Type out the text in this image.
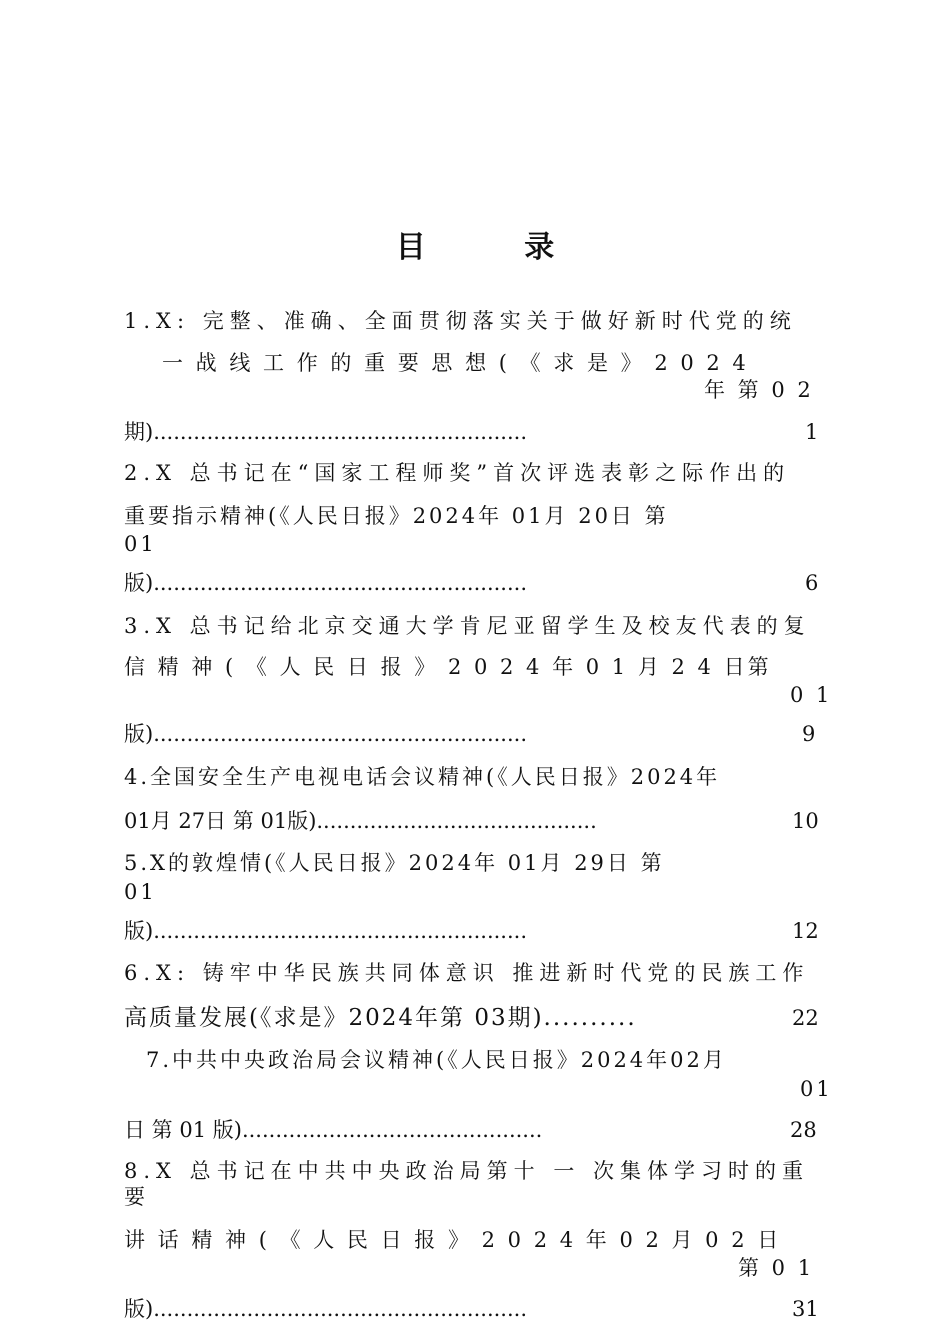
目 录
1.X: 完整、准确、全面贯彻落实关于做好新时代党的统
一 战 线 工 作 的 重 要 思 想 ( 《 求 是 》 2 0 2 4
年 第 0 2
期)........................................................	1
2.X 总书记在“国家工程师奖”首次评选表彰之际作出的
重要指示精神(《人民日报》2024年 01月 20日 第
01
版)........................................................	6
3.X 总书记给北京交通大学肯尼亚留学生及校友代表的复
信 精 神 ( 《 人 民 日 报 》 2 0 2 4 年 0 1 月 2 4 日第
0 1
版)........................................................	9
4.全国安全生产电视电话会议精神(《人民日报》2024年
01月 27日 第 01版)..........................................	10
5.X的敦煌情(《人民日报》2024年 01月 29日 第
01
版)........................................................	12
6.X: 铸牢中华民族共同体意识 推进新时代党的民族工作
高质量发展(《求是》2024年第 03期)..........	22
7.中共中央政治局会议精神(《人民日报》2024年02月
01
日 第 01 版).............................................	28
8.X 总书记在中共中央政治局第十 一 次集体学习时的重
要
讲 话 精 神 ( 《 人 民 日 报 》 2 0 2 4 年 0 2 月 0 2 日
第 0 1
版)........................................................	31
